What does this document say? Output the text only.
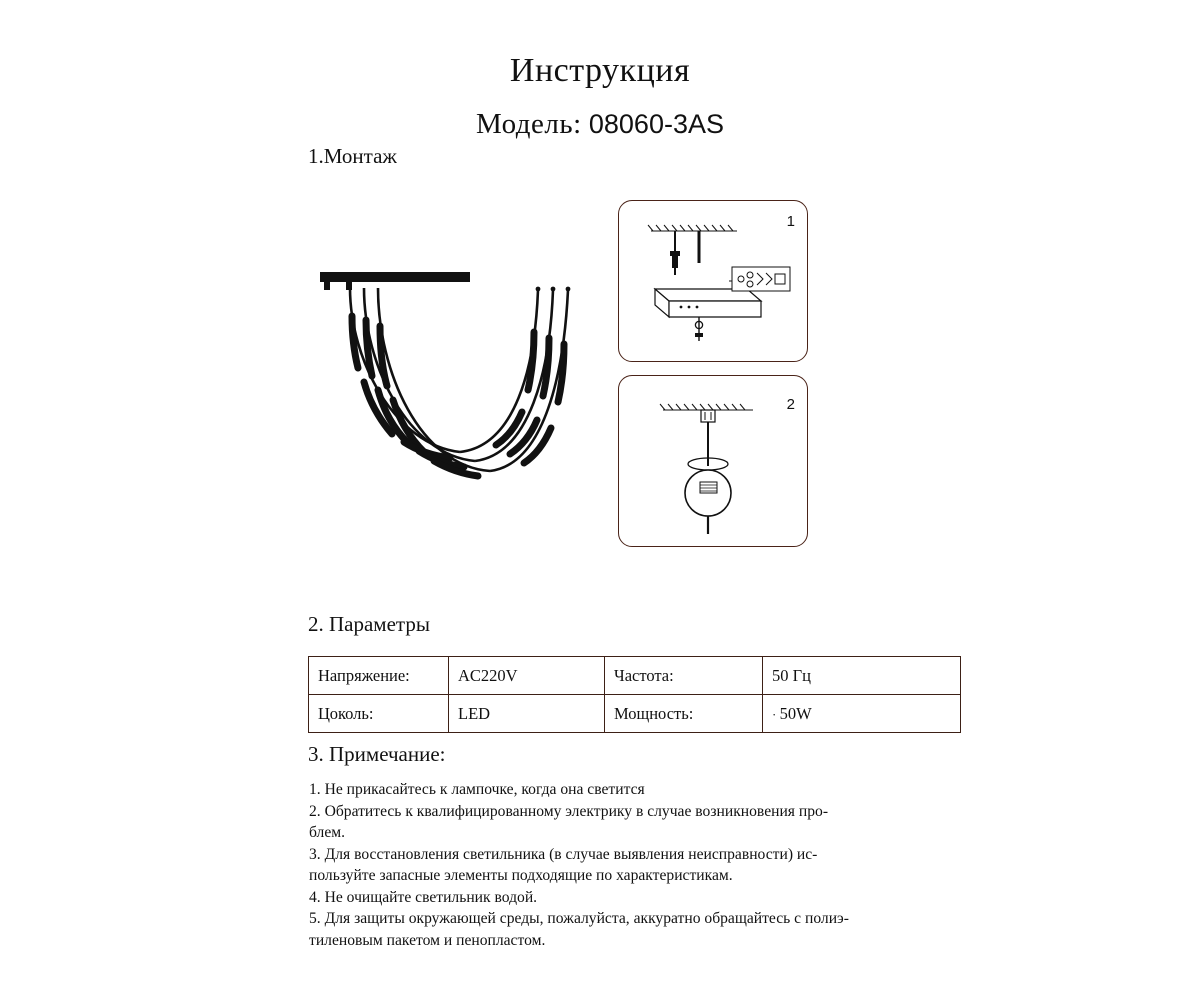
Инструкция
Модель: 08060-3AS
1.Монтаж
1
2
2. Параметры
Напряжение:	AC220V	Частота:	50 Гц
Цоколь:	LED	Мощность:	· 50W
3. Примечание:

1. Не прикасайтесь к лампочке, когда она светится

2. Обратитесь к квалифицированному электрику в случае возникновения про-

блем.

3. Для восстановления светильника (в случае выявления неисправности) ис-

пользуйте запасные элементы подходящие по характеристикам.

4. Не очищайте светильник водой.

5. Для защиты окружающей среды, пожалуйста, аккуратно обращайтесь с полиэ-

тиленовым пакетом и пенопластом.
